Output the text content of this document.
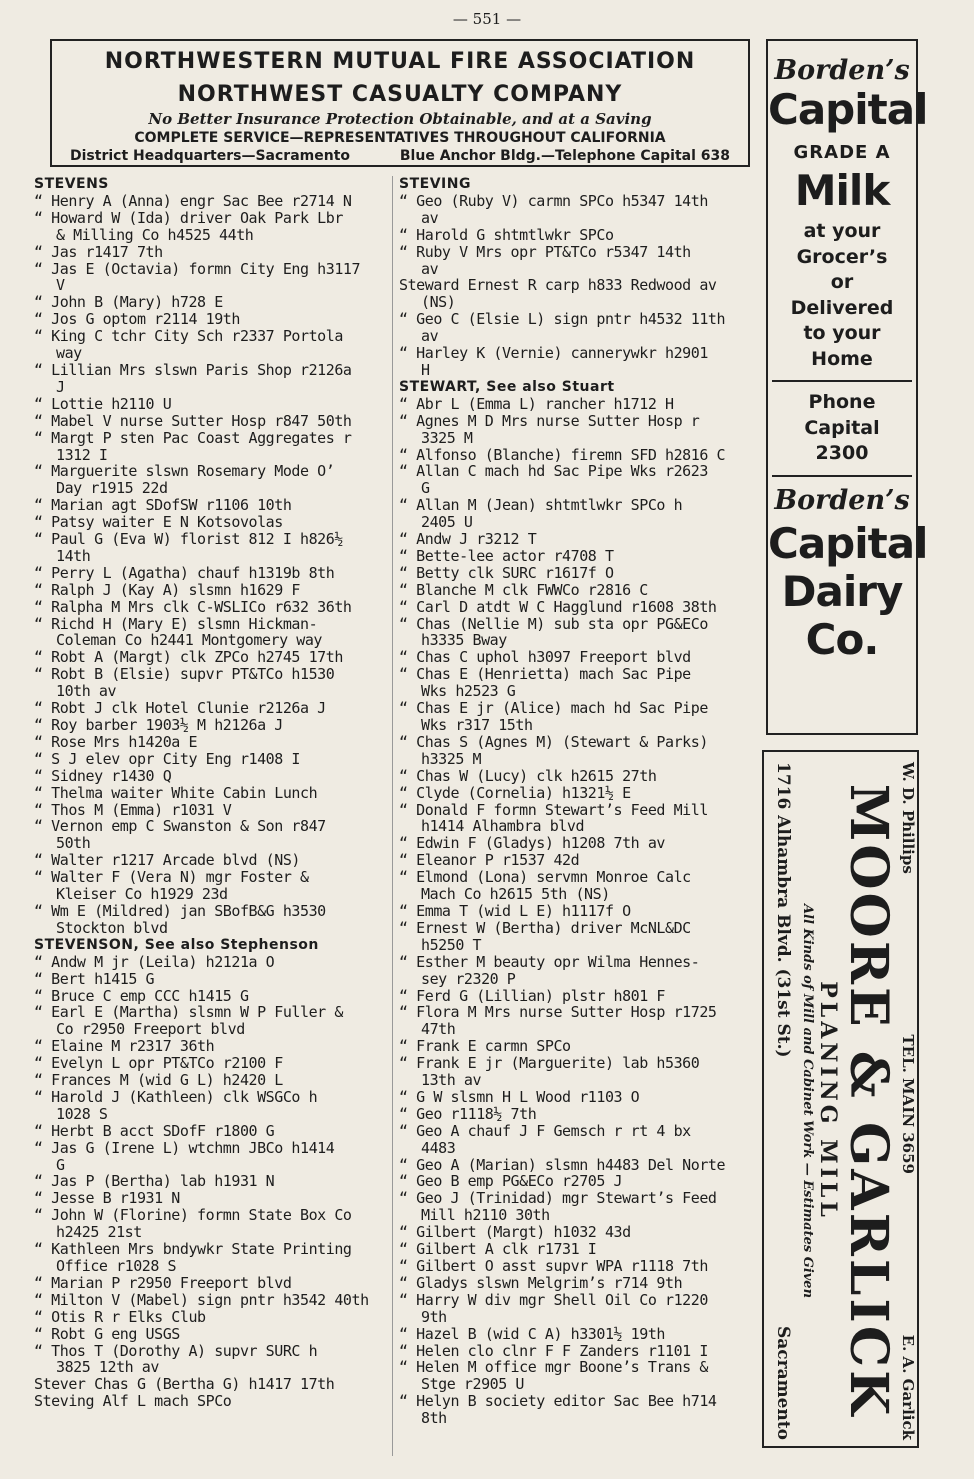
— 551 —
NORTHWESTERN MUTUAL FIRE ASSOCIATION
NORTHWEST CASUALTY COMPANY
No Better Insurance Protection Obtainable, and at a Saving
COMPLETE SERVICE—REPRESENTATIVES THROUGHOUT CALIFORNIA
District Headquarters—Sacramento	Blue Anchor Bldg.—Telephone Capital 638
STEVENS
“ Henry A (Anna) engr Sac Bee r2714 N
“ Howard W (Ida) driver Oak Park Lbr
& Milling Co h4525 44th
“ Jas r1417 7th
“ Jas E (Octavia) formn City Eng h3117
V
“ John B (Mary) h728 E
“ Jos G optom r2114 19th
“ King C tchr City Sch r2337 Portola
way
“ Lillian Mrs slswn Paris Shop r2126a
J
“ Lottie h2110 U
“ Mabel V nurse Sutter Hosp r847 50th
“ Margt P sten Pac Coast Aggregates r
1312 I
“ Marguerite slswn Rosemary Mode O’
Day r1915 22d
“ Marian agt SDofSW r1106 10th
“ Patsy waiter E N Kotsovolas
“ Paul G (Eva W) florist 812 I h826½
14th
“ Perry L (Agatha) chauf h1319b 8th
“ Ralph J (Kay A) slsmn h1629 F
“ Ralpha M Mrs clk C-WSLICo r632 36th
“ Richd H (Mary E) slsmn Hickman-
Coleman Co h2441 Montgomery way
“ Robt A (Margt) clk ZPCo h2745 17th
“ Robt B (Elsie) supvr PT&TCo h1530
10th av
“ Robt J clk Hotel Clunie r2126a J
“ Roy barber 1903½ M h2126a J
“ Rose Mrs h1420a E
“ S J elev opr City Eng r1408 I
“ Sidney r1430 Q
“ Thelma waiter White Cabin Lunch
“ Thos M (Emma) r1031 V
“ Vernon emp C Swanston & Son r847
50th
“ Walter r1217 Arcade blvd (NS)
“ Walter F (Vera N) mgr Foster &
Kleiser Co h1929 23d
“ Wm E (Mildred) jan SBofB&G h3530
Stockton blvd
STEVENSON, See also Stephenson
“ Andw M jr (Leila) h2121a O
“ Bert h1415 G
“ Bruce C emp CCC h1415 G
“ Earl E (Martha) slsmn W P Fuller &
Co r2950 Freeport blvd
“ Elaine M r2317 36th
“ Evelyn L opr PT&TCo r2100 F
“ Frances M (wid G L) h2420 L
“ Harold J (Kathleen) clk WSGCo h
1028 S
“ Herbt B acct SDofF r1800 G
“ Jas G (Irene L) wtchmn JBCo h1414
G
“ Jas P (Bertha) lab h1931 N
“ Jesse B r1931 N
“ John W (Florine) formn State Box Co
h2425 21st
“ Kathleen Mrs bndywkr State Printing
Office r1028 S
“ Marian P r2950 Freeport blvd
“ Milton V (Mabel) sign pntr h3542 40th
“ Otis R r Elks Club
“ Robt G eng USGS
“ Thos T (Dorothy A) supvr SURC h
3825 12th av
Stever Chas G (Bertha G) h1417 17th
Steving Alf L mach SPCo
STEVING
“ Geo (Ruby V) carmn SPCo h5347 14th
av
“ Harold G shtmtlwkr SPCo
“ Ruby V Mrs opr PT&TCo r5347 14th
av
Steward Ernest R carp h833 Redwood av
(NS)
“ Geo C (Elsie L) sign pntr h4532 11th
av
“ Harley K (Vernie) cannerywkr h2901
H
STEWART, See also Stuart
“ Abr L (Emma L) rancher h1712 H
“ Agnes M D Mrs nurse Sutter Hosp r
3325 M
“ Alfonso (Blanche) firemn SFD h2816 C
“ Allan C mach hd Sac Pipe Wks r2623
G
“ Allan M (Jean) shtmtlwkr SPCo h
2405 U
“ Andw J r3212 T
“ Bette-lee actor r4708 T
“ Betty clk SURC r1617f O
“ Blanche M clk FWWCo r2816 C
“ Carl D atdt W C Hagglund r1608 38th
“ Chas (Nellie M) sub sta opr PG&ECo
h3335 Bway
“ Chas C uphol h3097 Freeport blvd
“ Chas E (Henrietta) mach Sac Pipe
Wks h2523 G
“ Chas E jr (Alice) mach hd Sac Pipe
Wks r317 15th
“ Chas S (Agnes M) (Stewart & Parks)
h3325 M
“ Chas W (Lucy) clk h2615 27th
“ Clyde (Cornelia) h1321½ E
“ Donald F formn Stewart’s Feed Mill
h1414 Alhambra blvd
“ Edwin F (Gladys) h1208 7th av
“ Eleanor P r1537 42d
“ Elmond (Lona) servmn Monroe Calc
Mach Co h2615 5th (NS)
“ Emma T (wid L E) h1117f O
“ Ernest W (Bertha) driver McNL&DC
h5250 T
“ Esther M beauty opr Wilma Hennes-
sey r2320 P
“ Ferd G (Lillian) plstr h801 F
“ Flora M Mrs nurse Sutter Hosp r1725
47th
“ Frank E carmn SPCo
“ Frank E jr (Marguerite) lab h5360
13th av
“ G W slsmn H L Wood r1103 O
“ Geo r1118½ 7th
“ Geo A chauf J F Gemsch r rt 4 bx
4483
“ Geo A (Marian) slsmn h4483 Del Norte
“ Geo B emp PG&ECo r2705 J
“ Geo J (Trinidad) mgr Stewart’s Feed
Mill h2110 30th
“ Gilbert (Margt) h1032 43d
“ Gilbert A clk r1731 I
“ Gilbert O asst supvr WPA r1118 7th
“ Gladys slswn Melgrim’s r714 9th
“ Harry W div mgr Shell Oil Co r1220
9th
“ Hazel B (wid C A) h3301½ 19th
“ Helen clo clnr F F Zanders r1101 I
“ Helen M office mgr Boone’s Trans &
Stge r2905 U
“ Helyn B society editor Sac Bee h714
8th
Borden’s
Capital
GRADE A
Milk
at your
Grocer’s
or
Delivered
to your
Home
Phone
Capital
2300
Borden’s
Capital
Dairy
Co.
W. D. Phillips
TEL. MAIN 3659
E. A. Garlick
MOORE & GARLICK
PLANING MILL
All Kinds of Mill and Cabinet Work — Estimates Given
1716 Alhambra Blvd. (31st St.)
Sacramento
